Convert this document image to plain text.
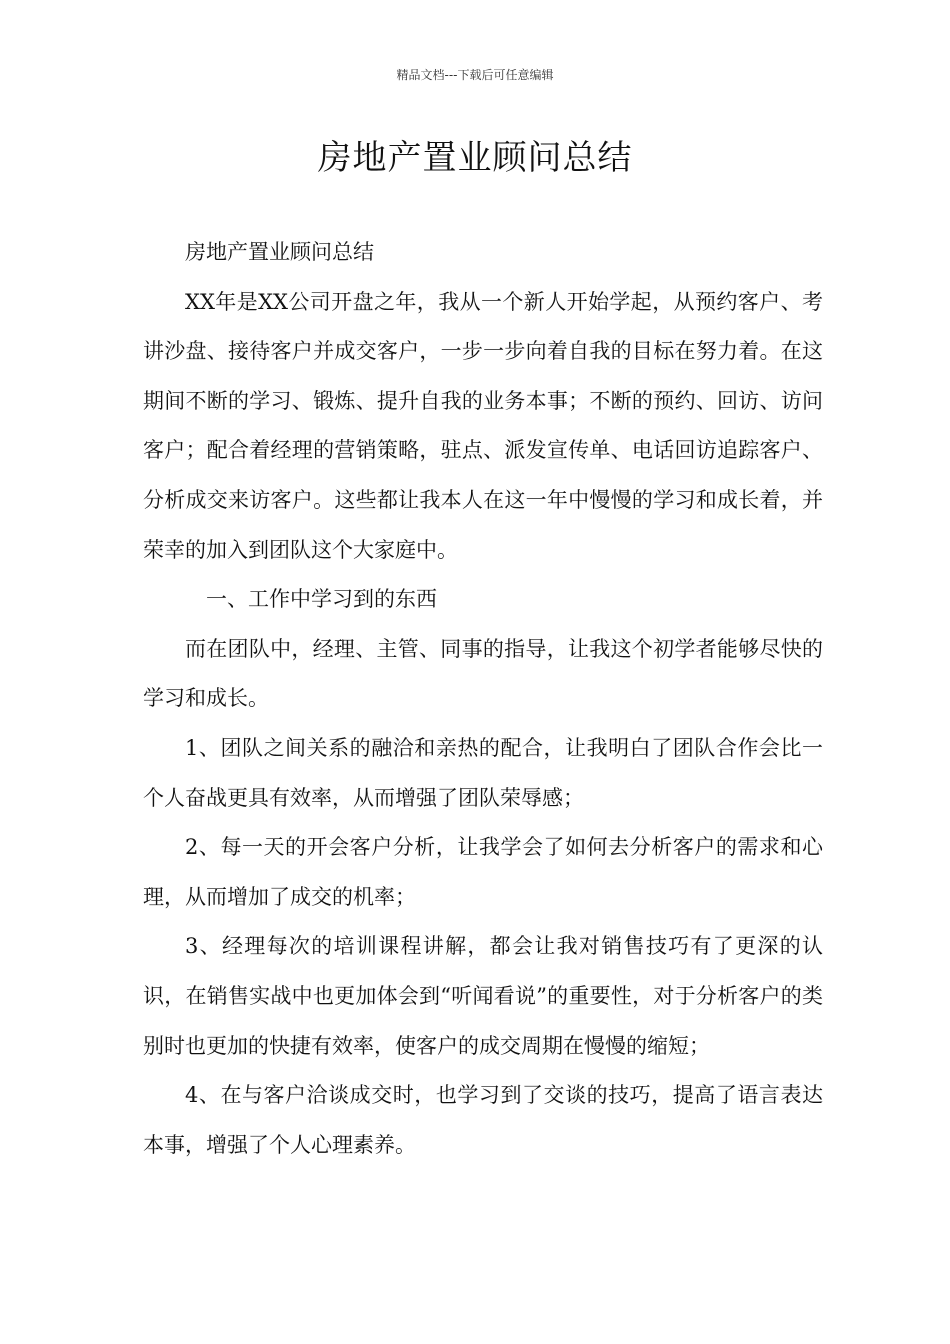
精品文档---下载后可任意编辑
房地产置业顾问总结

房地产置业顾问总结

XX年是XX公司开盘之年，我从一个新人开始学起，从预约客户、考讲沙盘、接待客户并成交客户，一步一步向着自我的目标在努力着。在这期间不断的学习、锻炼、提升自我的业务本事；不断的预约、回访、访问客户；配合着经理的营销策略，驻点、派发宣传单、电话回访追踪客户、分析成交来访客户。这些都让我本人在这一年中慢慢的学习和成长着，并荣幸的加入到团队这个大家庭中。

一、工作中学习到的东西

而在团队中，经理、主管、同事的指导，让我这个初学者能够尽快的学习和成长。

1、团队之间关系的融洽和亲热的配合，让我明白了团队合作会比一个人奋战更具有效率，从而增强了团队荣辱感；

2、每一天的开会客户分析，让我学会了如何去分析客户的需求和心理，从而增加了成交的机率；

3、经理每次的培训课程讲解，都会让我对销售技巧有了更深的认识，在销售实战中也更加体会到“听闻看说”的重要性，对于分析客户的类别时也更加的快捷有效率，使客户的成交周期在慢慢的缩短；

4、在与客户洽谈成交时，也学习到了交谈的技巧，提高了语言表达本事，增强了个人心理素养。
